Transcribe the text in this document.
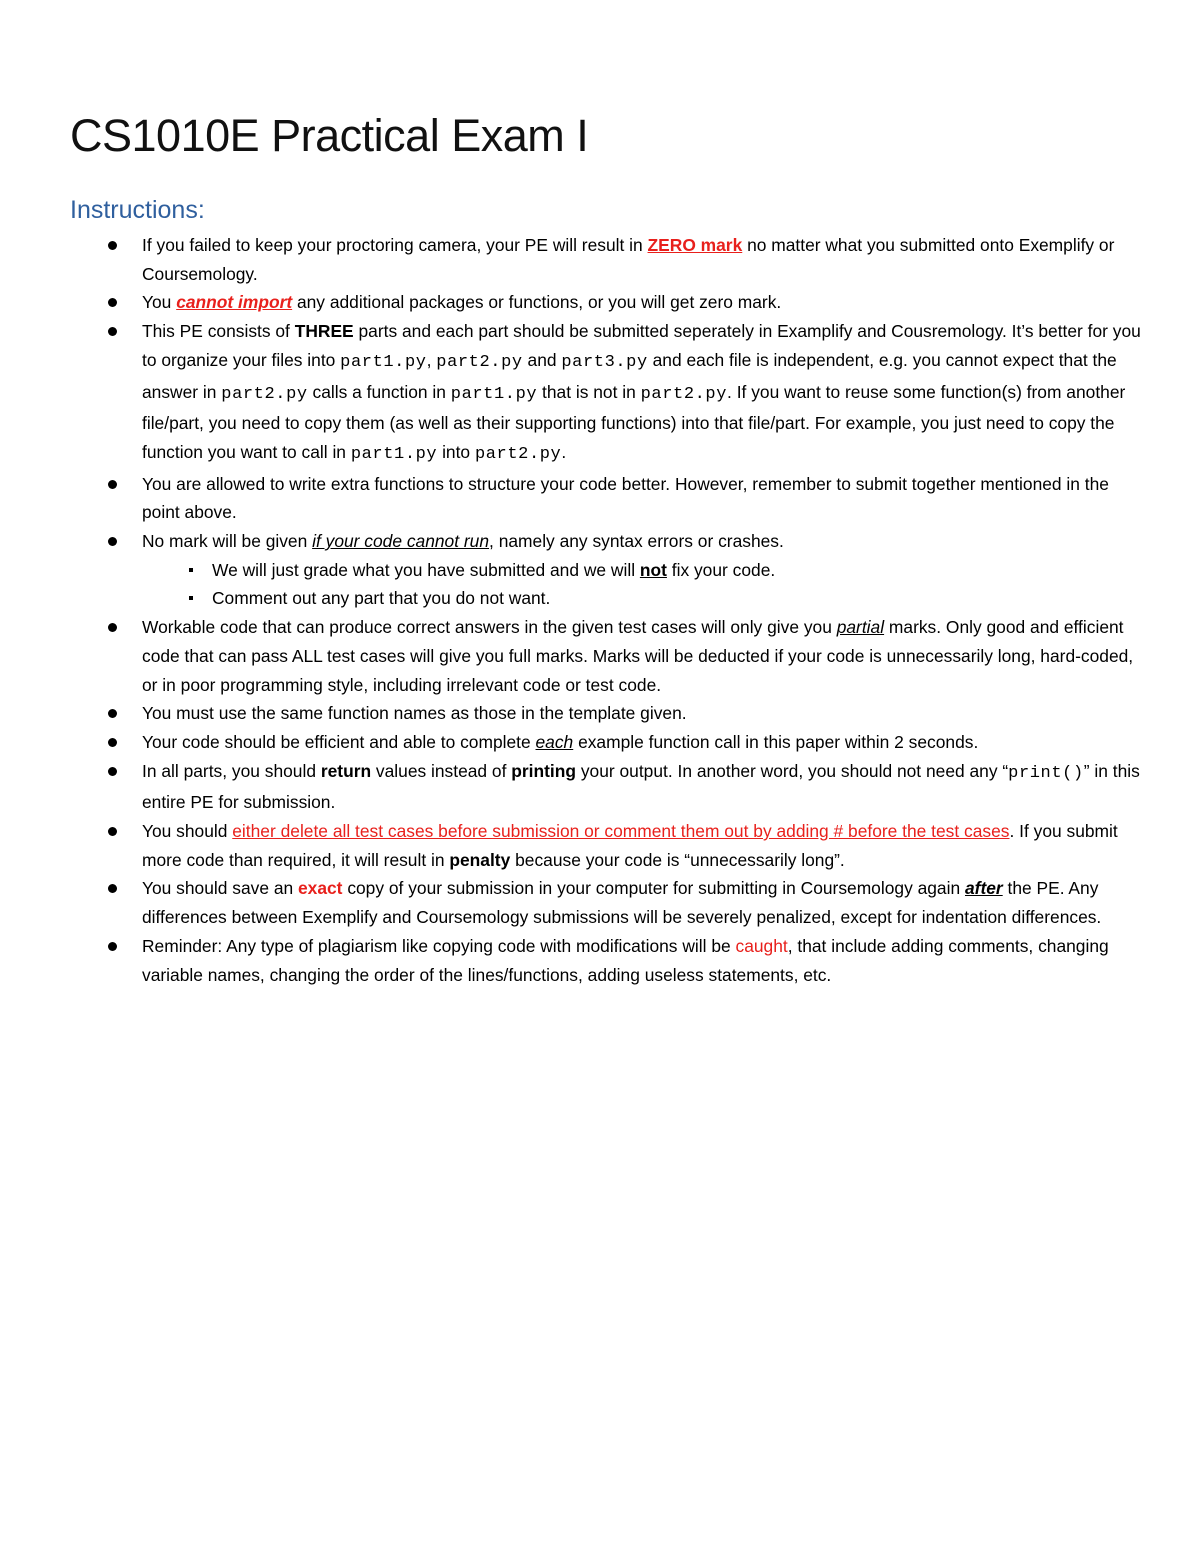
CS1010E Practical Exam I
Instructions:
If you failed to keep your proctoring camera, your PE will result in ZERO mark no matter what you submitted onto Exemplify or Coursemology.
You cannot import any additional packages or functions, or you will get zero mark.
This PE consists of THREE parts and each part should be submitted seperately in Examplify and Cousremology. It’s better for you to organize your files into part1.py, part2.py and part3.py and each file is independent, e.g. you cannot expect that the answer in part2.py calls a function in part1.py that is not in part2.py. If you want to reuse some function(s) from another file/part, you need to copy them (as well as their supporting functions) into that file/part. For example, you just need to copy the function you want to call in part1.py into part2.py.
You are allowed to write extra functions to structure your code better. However, remember to submit together mentioned in the point above.
No mark will be given if your code cannot run, namely any syntax errors or crashes.
We will just grade what you have submitted and we will not fix your code.
Comment out any part that you do not want.
Workable code that can produce correct answers in the given test cases will only give you partial marks. Only good and efficient code that can pass ALL test cases will give you full marks. Marks will be deducted if your code is unnecessarily long, hard-coded, or in poor programming style, including irrelevant code or test code.
You must use the same function names as those in the template given.
Your code should be efficient and able to complete each example function call in this paper within 2 seconds.
In all parts, you should return values instead of printing your output. In another word, you should not need any “print()” in this entire PE for submission.
You should either delete all test cases before submission or comment them out by adding # before the test cases. If you submit more code than required, it will result in penalty because your code is “unnecessarily long”.
You should save an exact copy of your submission in your computer for submitting in Coursemology again after the PE. Any differences between Exemplify and Coursemology submissions will be severely penalized, except for indentation differences.
Reminder: Any type of plagiarism like copying code with modifications will be caught, that include adding comments, changing variable names, changing the order of the lines/functions, adding useless statements, etc.
